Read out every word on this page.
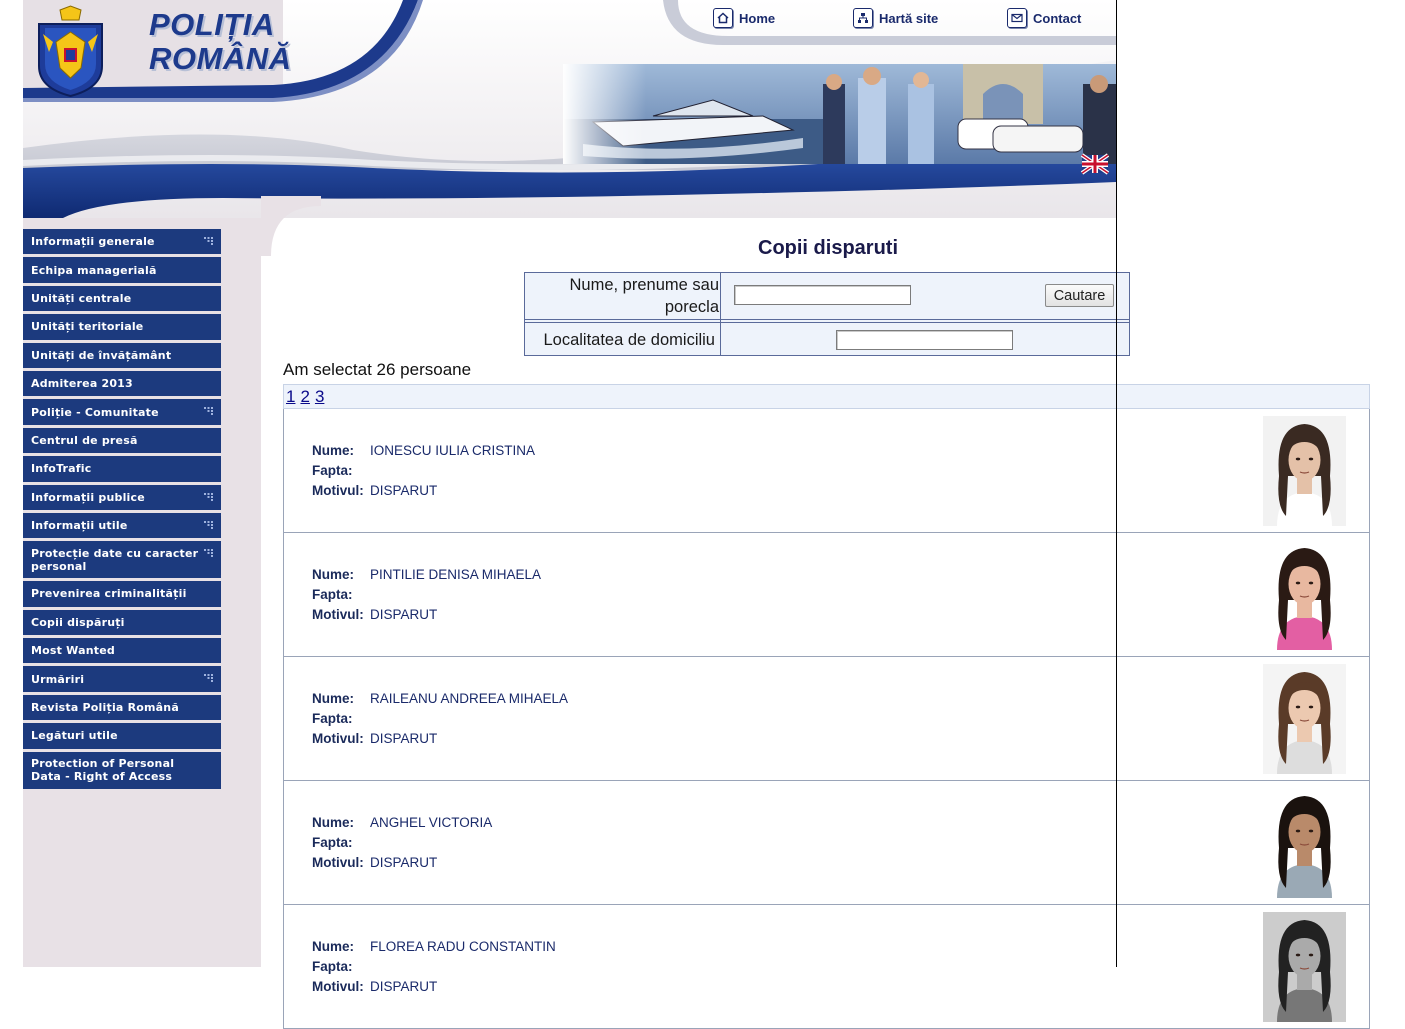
POLIȚIA
ROMÂNĂ
Home	Hartă site	Contact
Informații generale
Echipa managerială
Unități centrale
Unități teritoriale
Unități de învățământ
Admiterea 2013
Poliție - Comunitate
Centrul de presă
InfoTrafic
Informații publice
Informații utile
Protecție date cu caracter personal
Prevenirea criminalității
Copii dispăruți
Most Wanted
Urmăriri
Revista Poliția Română
Legături utile
Protection of Personal Data - Right of Access
Copii disparuti
Nume, prenume sau porecla
Cautare
Localitatea de domiciliu
Am selectat 26 persoane
1 2 3
Nume:	IONESCU IULIA CRISTINA
Fapta:
Motivul: DISPARUT
Nume:	PINTILIE DENISA MIHAELA
Fapta:
Motivul: DISPARUT
Nume:	RAILEANU ANDREEA MIHAELA
Fapta:
Motivul: DISPARUT
Nume:	ANGHEL VICTORIA
Fapta:
Motivul: DISPARUT
Nume:	FLOREA RADU CONSTANTIN
Fapta:
Motivul: DISPARUT
